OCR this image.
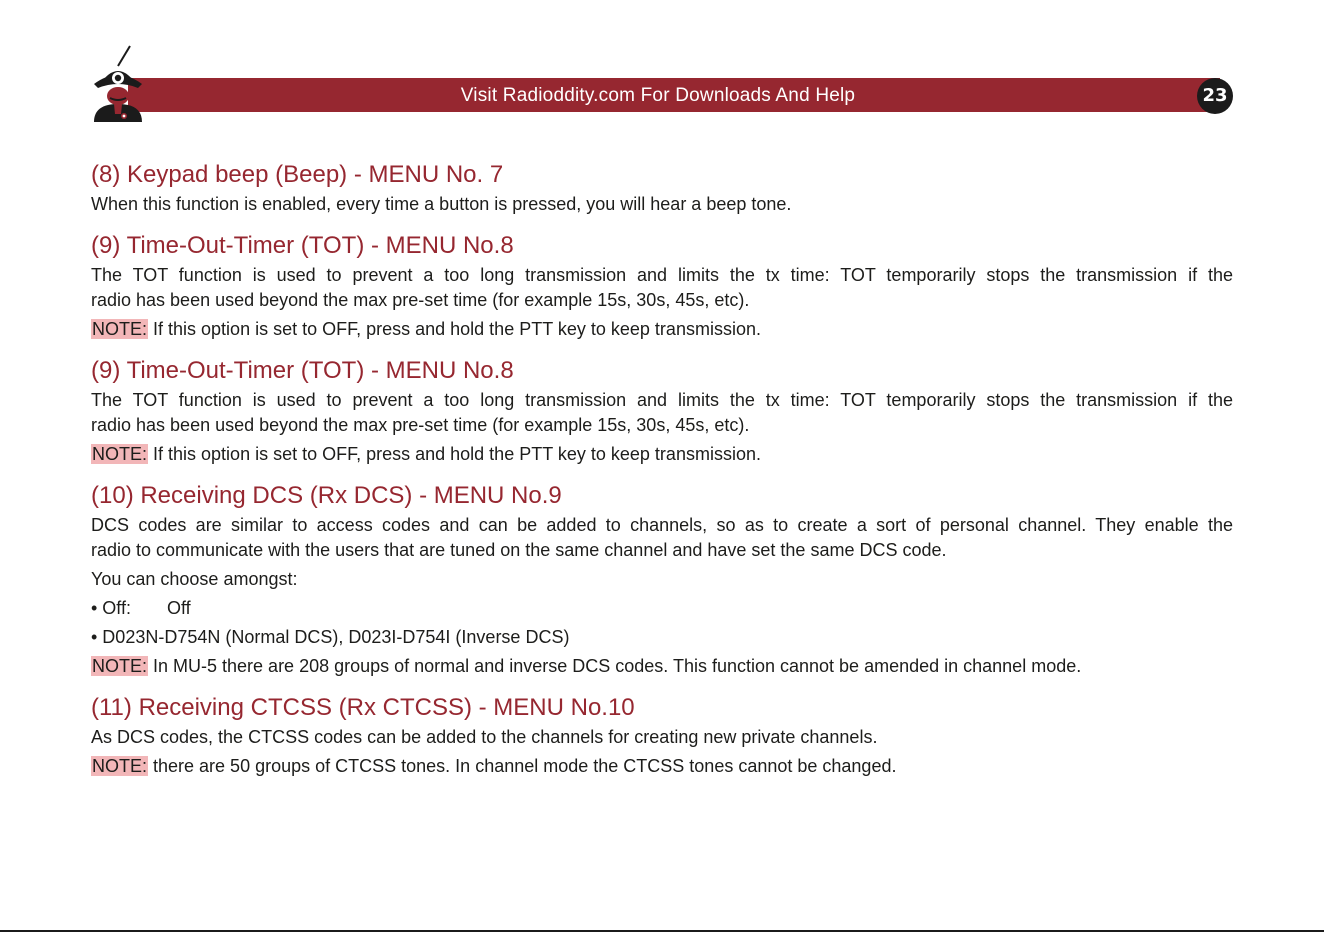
Visit Radioddity.com For Downloads And Help	23

(8) Keypad beep (Beep) - MENU No. 7

When this function is enabled, every time a button is pressed, you will hear a beep tone.

(9) Time-Out-Timer (TOT) - MENU No.8

The TOT function is used to prevent a too long transmission and limits the tx time: TOT temporarily stops the transmission if the

radio has been used beyond the max pre-set time (for example 15s, 30s, 45s, etc).

NOTE: If this option is set to OFF, press and hold the PTT key to keep transmission.

(9) Time-Out-Timer (TOT) - MENU No.8

The TOT function is used to prevent a too long transmission and limits the tx time: TOT temporarily stops the transmission if the

radio has been used beyond the max pre-set time (for example 15s, 30s, 45s, etc).

NOTE: If this option is set to OFF, press and hold the PTT key to keep transmission.

(10) Receiving DCS (Rx DCS) - MENU No.9

DCS codes are similar to access codes and can be added to channels, so as to create a sort of personal channel. They enable the

radio to communicate with the users that are tuned on the same channel and have set the same DCS code.

You can choose amongst:

• Off: Off

• D023N-D754N (Normal DCS), D023I-D754I (Inverse DCS)

NOTE: In MU-5 there are 208 groups of normal and inverse DCS codes. This function cannot be amended in channel mode.

(11) Receiving CTCSS (Rx CTCSS) - MENU No.10

As DCS codes, the CTCSS codes can be added to the channels for creating new private channels.

NOTE: there are 50 groups of CTCSS tones. In channel mode the CTCSS tones cannot be changed.
